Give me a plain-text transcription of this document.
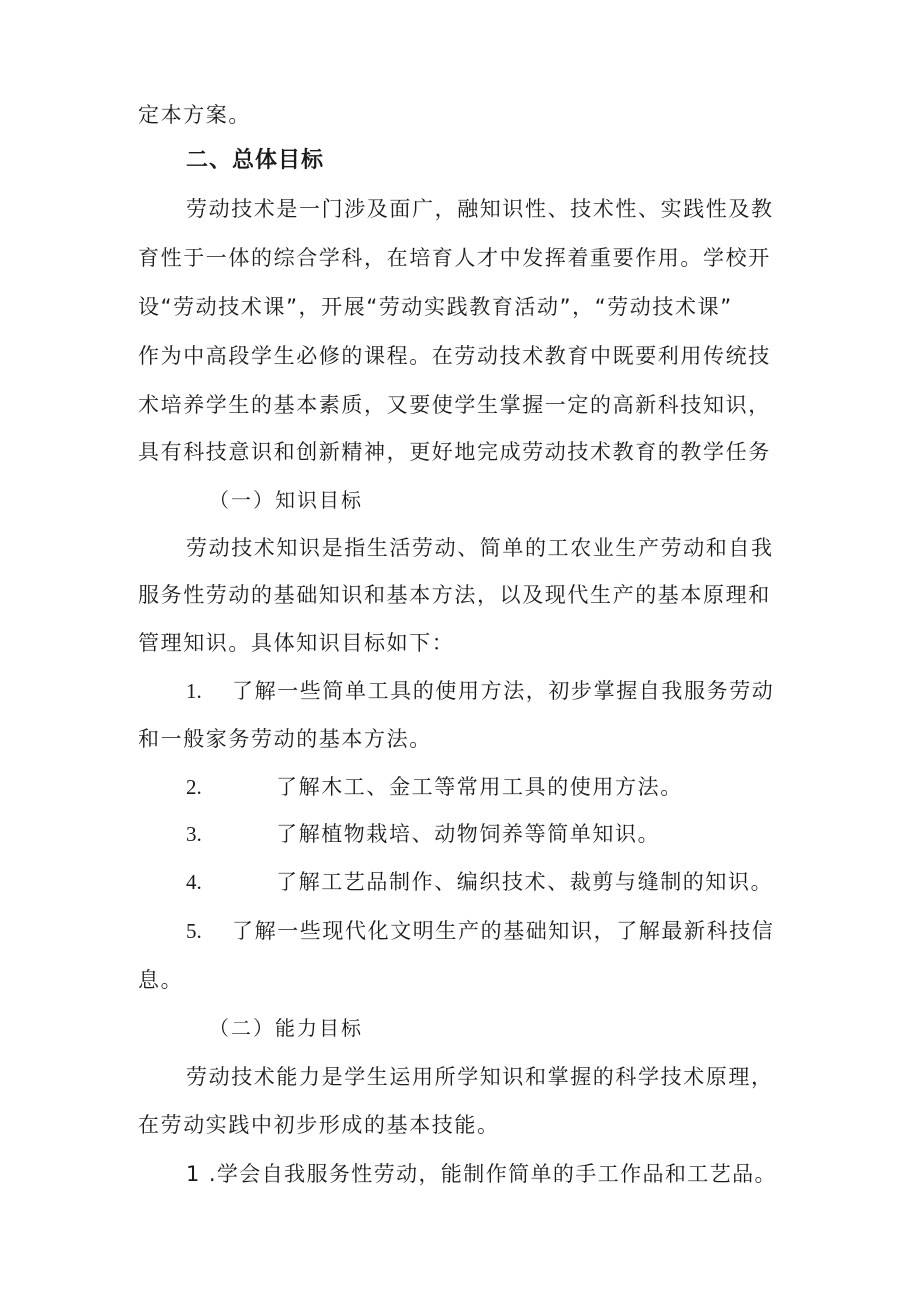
定本方案。
二、总体目标
劳动技术是一门涉及面广，融知识性、技术性、实践性及教
育性于一体的综合学科，在培育人才中发挥着重要作用。学校开
设“劳动技术课”，开展“劳动实践教育活动”，“劳动技术课”
作为中高段学生必修的课程。在劳动技术教育中既要利用传统技
术培养学生的基本素质，又要使学生掌握一定的高新科技知识，
具有科技意识和创新精神，更好地完成劳动技术教育的教学任务
（一）知识目标
劳动技术知识是指生活劳动、简单的工农业生产劳动和自我
服务性劳动的基础知识和基本方法，以及现代生产的基本原理和
管理知识。具体知识目标如下：
1. 了解一些简单工具的使用方法，初步掌握自我服务劳动
和一般家务劳动的基本方法。
2.	了解木工、金工等常用工具的使用方法。
3.	了解植物栽培、动物饲养等简单知识。
4.	了解工艺品制作、编织技术、裁剪与缝制的知识。
5. 了解一些现代化文明生产的基础知识，了解最新科技信
息。
（二）能力目标
劳动技术能力是学生运用所学知识和掌握的科学技术原理，
在劳动实践中初步形成的基本技能。
1 .学会自我服务性劳动，能制作简单的手工作品和工艺品。
